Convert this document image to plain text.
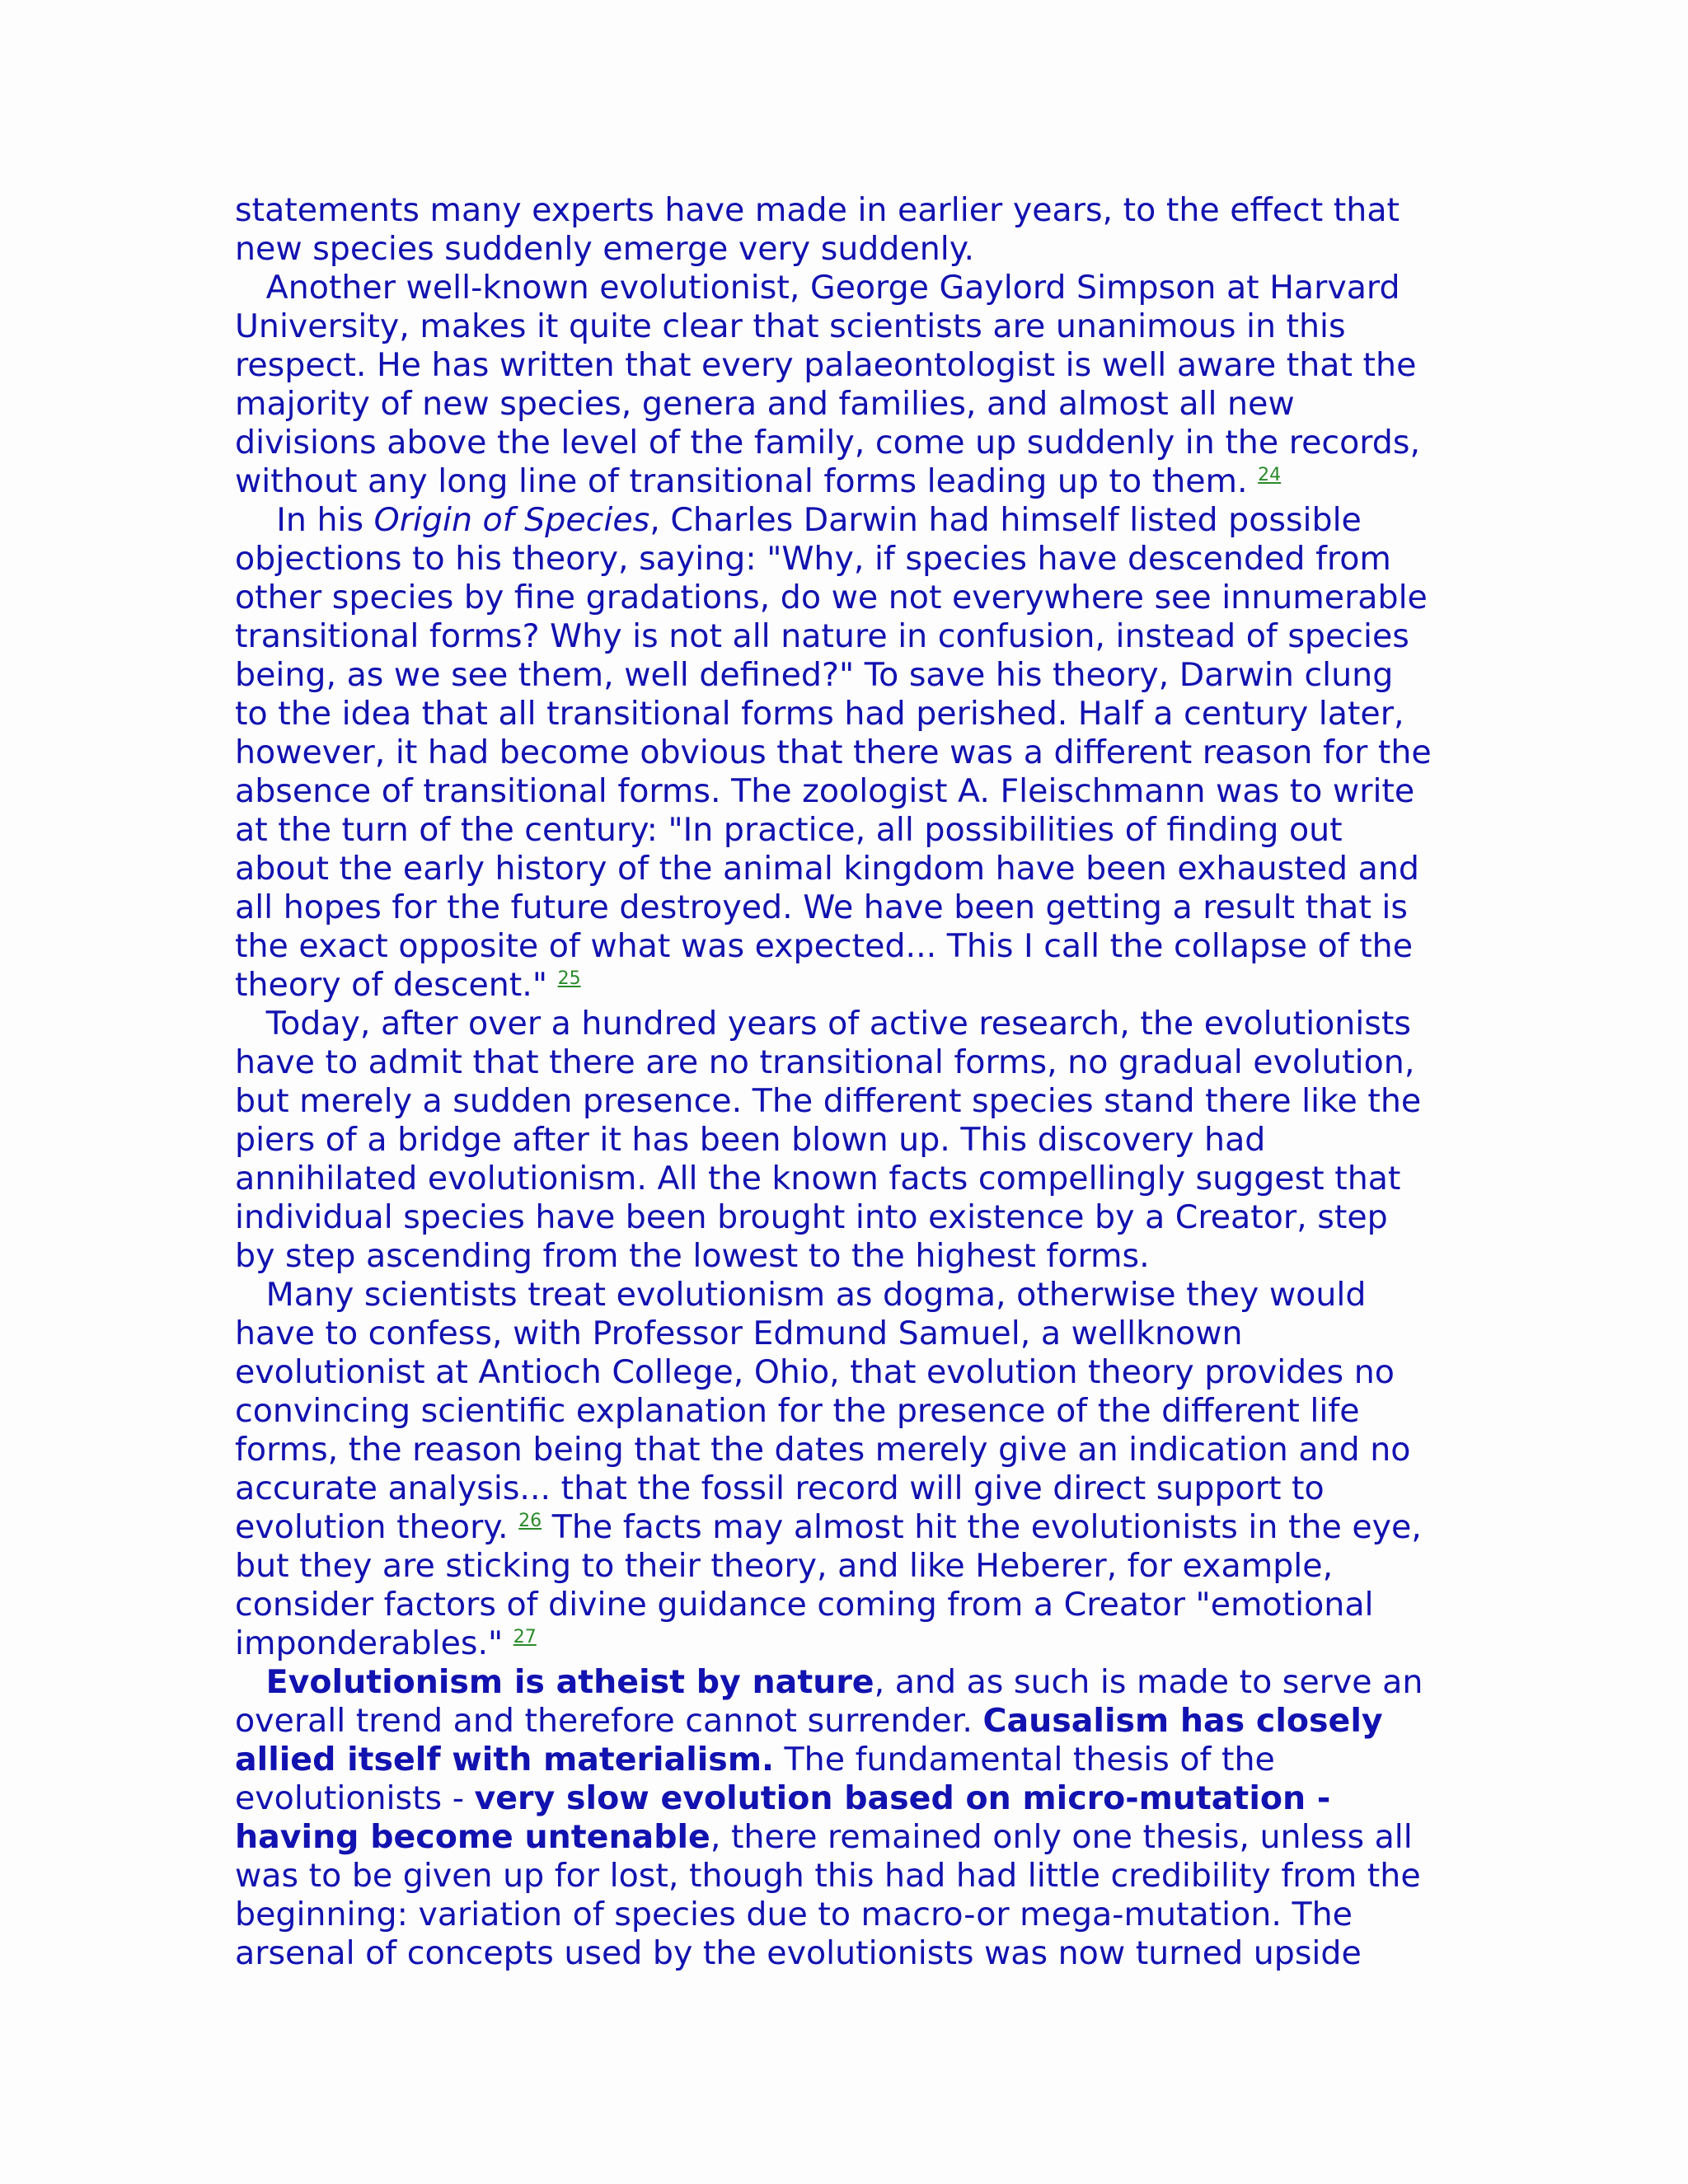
statements many experts have made in earlier years, to the effect that
new species suddenly emerge very suddenly.
Another well-known evolutionist, George Gaylord Simpson at Harvard
University, makes it quite clear that scientists are unanimous in this
respect. He has written that every palaeontologist is well aware that the
majority of new species, genera and families, and almost all new
divisions above the level of the family, come up suddenly in the records,
without any long line of transitional forms leading up to them. $^{24}$
In his Origin of Species, Charles Darwin had himself listed possible
objections to his theory, saying: "Why, if species have descended from
other species by fine gradations, do we not everywhere see innumerable
transitional forms? Why is not all nature in confusion, instead of species
being, as we see them, well defined?" To save his theory, Darwin clung
to the idea that all transitional forms had perished. Half a century later,
however, it had become obvious that there was a different reason for the
absence of transitional forms. The zoologist A. Fleischmann was to write
at the turn of the century: "In practice, all possibilities of finding out
about the early history of the animal kingdom have been exhausted and
all hopes for the future destroyed. We have been getting a result that is
the exact opposite of what was expected... This I call the collapse of the
theory of descent." $^{25}$
Today, after over a hundred years of active research, the evolutionists
have to admit that there are no transitional forms, no gradual evolution,
but merely a sudden presence. The different species stand there like the
piers of a bridge after it has been blown up. This discovery had
annihilated evolutionism. All the known facts compellingly suggest that
individual species have been brought into existence by a Creator, step
by step ascending from the lowest to the highest forms.
Many scientists treat evolutionism as dogma, otherwise they would
have to confess, with Professor Edmund Samuel, a wellknown
evolutionist at Antioch College, Ohio, that evolution theory provides no
convincing scientific explanation for the presence of the different life
forms, the reason being that the dates merely give an indication and no
accurate analysis... that the fossil record will give direct support to
evolution theory. $^{26}$ The facts may almost hit the evolutionists in the eye,
but they are sticking to their theory, and like Heberer, for example,
consider factors of divine guidance coming from a Creator "emotional
imponderables." $^{27}$
Evolutionism is atheist by nature, and as such is made to serve an
overall trend and therefore cannot surrender. Causalism has closely
allied itself with materialism. The fundamental thesis of the
evolutionists - very slow evolution based on micro-mutation -
having become untenable, there remained only one thesis, unless all
was to be given up for lost, though this had had little credibility from the
beginning: variation of species due to macro-or mega-mutation. The
arsenal of concepts used by the evolutionists was now turned upside
